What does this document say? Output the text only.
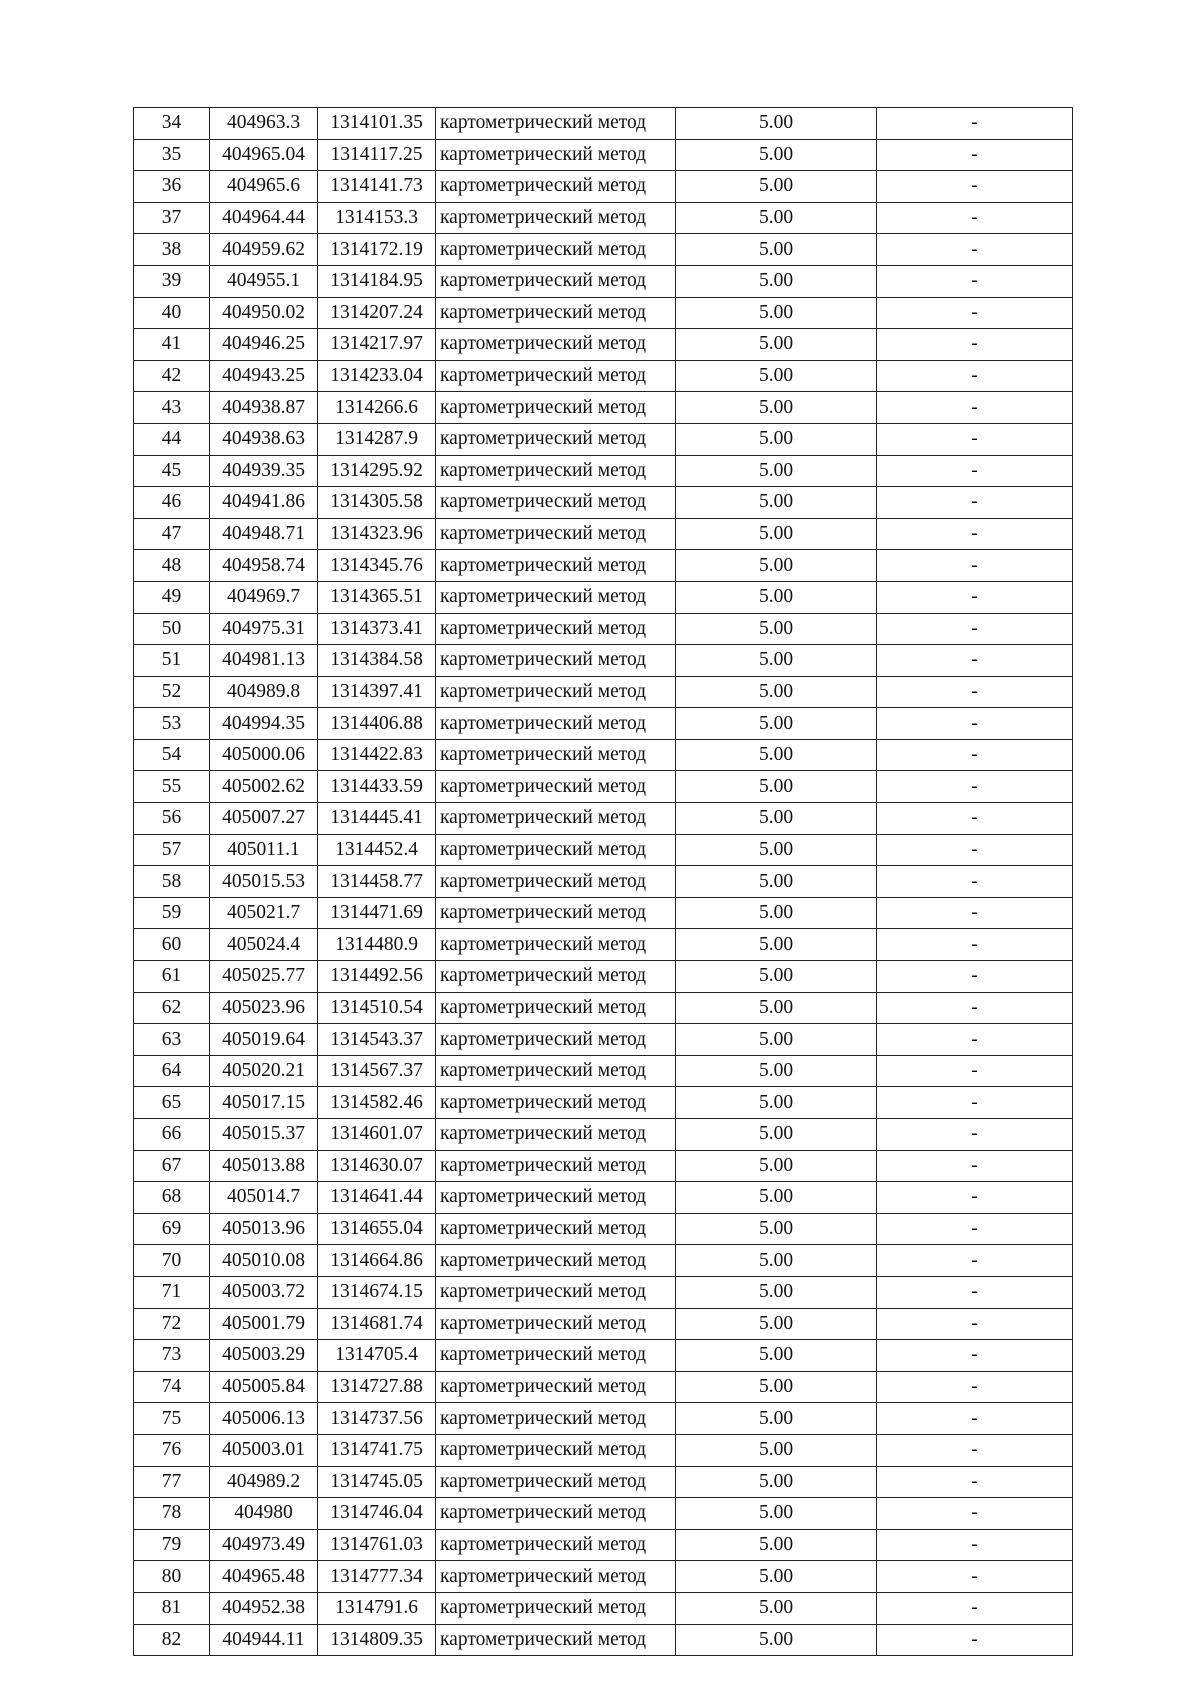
34	404963.3	1314101.35	картометрический метод	5.00	-
35	404965.04	1314117.25	картометрический метод	5.00	-
36	404965.6	1314141.73	картометрический метод	5.00	-
37	404964.44	1314153.3	картометрический метод	5.00	-
38	404959.62	1314172.19	картометрический метод	5.00	-
39	404955.1	1314184.95	картометрический метод	5.00	-
40	404950.02	1314207.24	картометрический метод	5.00	-
41	404946.25	1314217.97	картометрический метод	5.00	-
42	404943.25	1314233.04	картометрический метод	5.00	-
43	404938.87	1314266.6	картометрический метод	5.00	-
44	404938.63	1314287.9	картометрический метод	5.00	-
45	404939.35	1314295.92	картометрический метод	5.00	-
46	404941.86	1314305.58	картометрический метод	5.00	-
47	404948.71	1314323.96	картометрический метод	5.00	-
48	404958.74	1314345.76	картометрический метод	5.00	-
49	404969.7	1314365.51	картометрический метод	5.00	-
50	404975.31	1314373.41	картометрический метод	5.00	-
51	404981.13	1314384.58	картометрический метод	5.00	-
52	404989.8	1314397.41	картометрический метод	5.00	-
53	404994.35	1314406.88	картометрический метод	5.00	-
54	405000.06	1314422.83	картометрический метод	5.00	-
55	405002.62	1314433.59	картометрический метод	5.00	-
56	405007.27	1314445.41	картометрический метод	5.00	-
57	405011.1	1314452.4	картометрический метод	5.00	-
58	405015.53	1314458.77	картометрический метод	5.00	-
59	405021.7	1314471.69	картометрический метод	5.00	-
60	405024.4	1314480.9	картометрический метод	5.00	-
61	405025.77	1314492.56	картометрический метод	5.00	-
62	405023.96	1314510.54	картометрический метод	5.00	-
63	405019.64	1314543.37	картометрический метод	5.00	-
64	405020.21	1314567.37	картометрический метод	5.00	-
65	405017.15	1314582.46	картометрический метод	5.00	-
66	405015.37	1314601.07	картометрический метод	5.00	-
67	405013.88	1314630.07	картометрический метод	5.00	-
68	405014.7	1314641.44	картометрический метод	5.00	-
69	405013.96	1314655.04	картометрический метод	5.00	-
70	405010.08	1314664.86	картометрический метод	5.00	-
71	405003.72	1314674.15	картометрический метод	5.00	-
72	405001.79	1314681.74	картометрический метод	5.00	-
73	405003.29	1314705.4	картометрический метод	5.00	-
74	405005.84	1314727.88	картометрический метод	5.00	-
75	405006.13	1314737.56	картометрический метод	5.00	-
76	405003.01	1314741.75	картометрический метод	5.00	-
77	404989.2	1314745.05	картометрический метод	5.00	-
78	404980	1314746.04	картометрический метод	5.00	-
79	404973.49	1314761.03	картометрический метод	5.00	-
80	404965.48	1314777.34	картометрический метод	5.00	-
81	404952.38	1314791.6	картометрический метод	5.00	-
82	404944.11	1314809.35	картометрический метод	5.00	-
